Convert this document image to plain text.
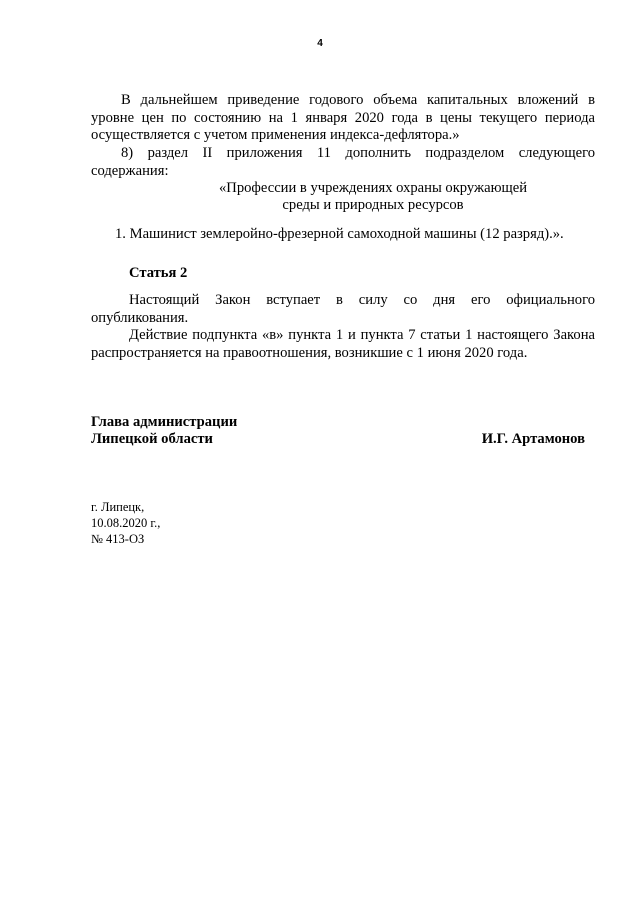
4
В дальнейшем приведение годового объема капитальных вложений в уровне цен по состоянию на 1 января 2020 года в цены текущего периода осуществляется с учетом применения индекса-дефлятора.»
8) раздел II приложения 11 дополнить подразделом следующего содержания:
«Профессии в учреждениях охраны окружающей
среды и природных ресурсов
1. Машинист землеройно-фрезерной самоходной машины (12 разряд).».
Статья 2
Настоящий Закон вступает в силу со дня его официального опубликования.
Действие подпункта «в» пункта 1 и пункта 7 статьи 1 настоящего Закона распространяется на правоотношения, возникшие с 1 июня 2020 года.
Глава администрации
Липецкой области	И.Г. Артамонов
г. Липецк,
10.08.2020 г.,
№ 413-ОЗ
